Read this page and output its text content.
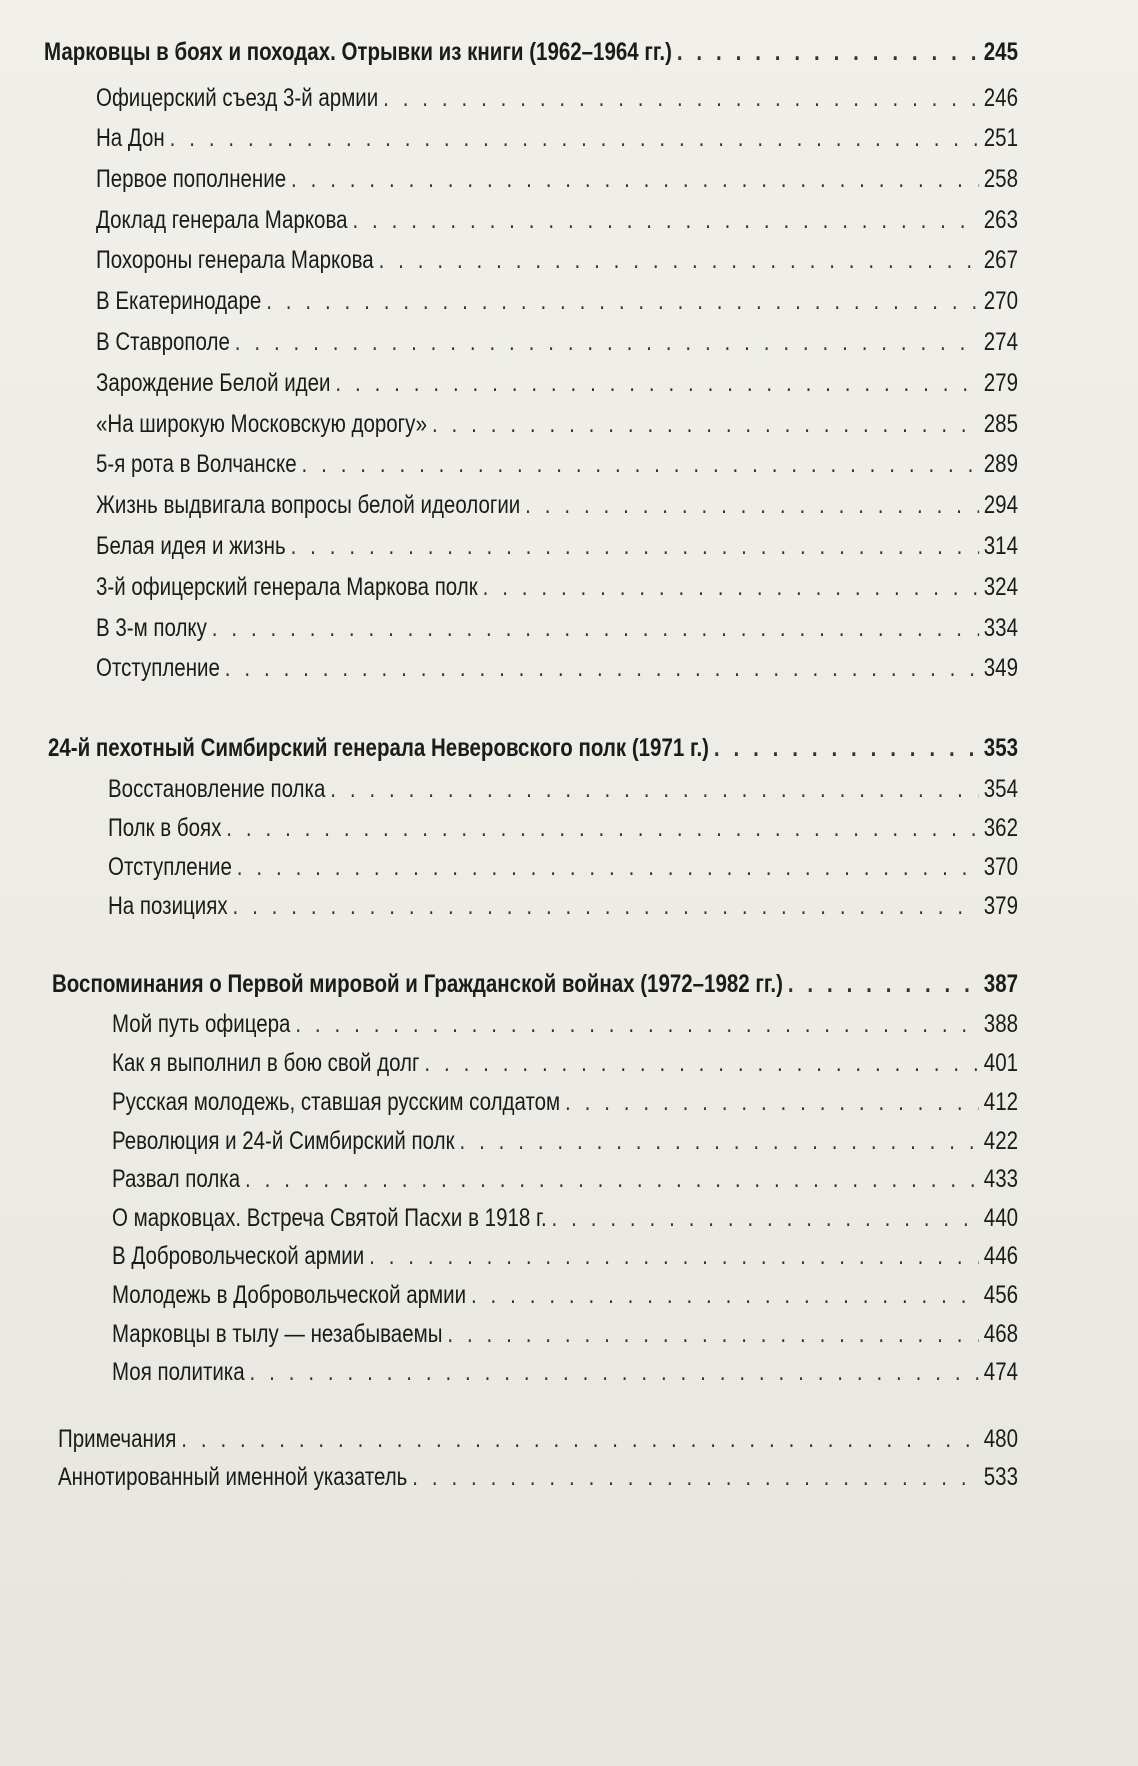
Марковцы в боях и походах. Отрывки из книги (1962–1964 гг.) . . .	245
Офицерский съезд 3-й армии . . .	246
На Дон . . .	251
Первое пополнение . . .	258
Доклад генерала Маркова . . .	263
Похороны генерала Маркова . . .	267
В Екатеринодаре . . .	270
В Ставрополе . . .	274
Зарождение Белой идеи . . .	279
«На широкую Московскую дорогу» . . .	285
5-я рота в Волчанске . . .	289
Жизнь выдвигала вопросы белой идеологии . . .	294
Белая идея и жизнь . . .	314
3-й офицерский генерала Маркова полк . . .	324
В 3-м полку . . .	334
Отступление . . .	349
24-й пехотный Симбирский генерала Неверовского полк (1971 г.) . . .	353
Восстановление полка . . .	354
Полк в боях . . .	362
Отступление . . .	370
На позициях . . .	379
Воспоминания о Первой мировой и Гражданской войнах (1972–1982 гг.) . . .	387
Мой путь офицера . . .	388
Как я выполнил в бою свой долг . . .	401
Русская молодежь, ставшая русским солдатом . . .	412
Революция и 24-й Симбирский полк . . .	422
Развал полка . . .	433
О марковцах. Встреча Святой Пасхи в 1918 г. . . .	440
В Добровольческой армии . . .	446
Молодежь в Добровольческой армии . . .	456
Марковцы в тылу — незабываемы . . .	468
Моя политика . . .	474
Примечания . . .	480
Аннотированный именной указатель . . .	533
